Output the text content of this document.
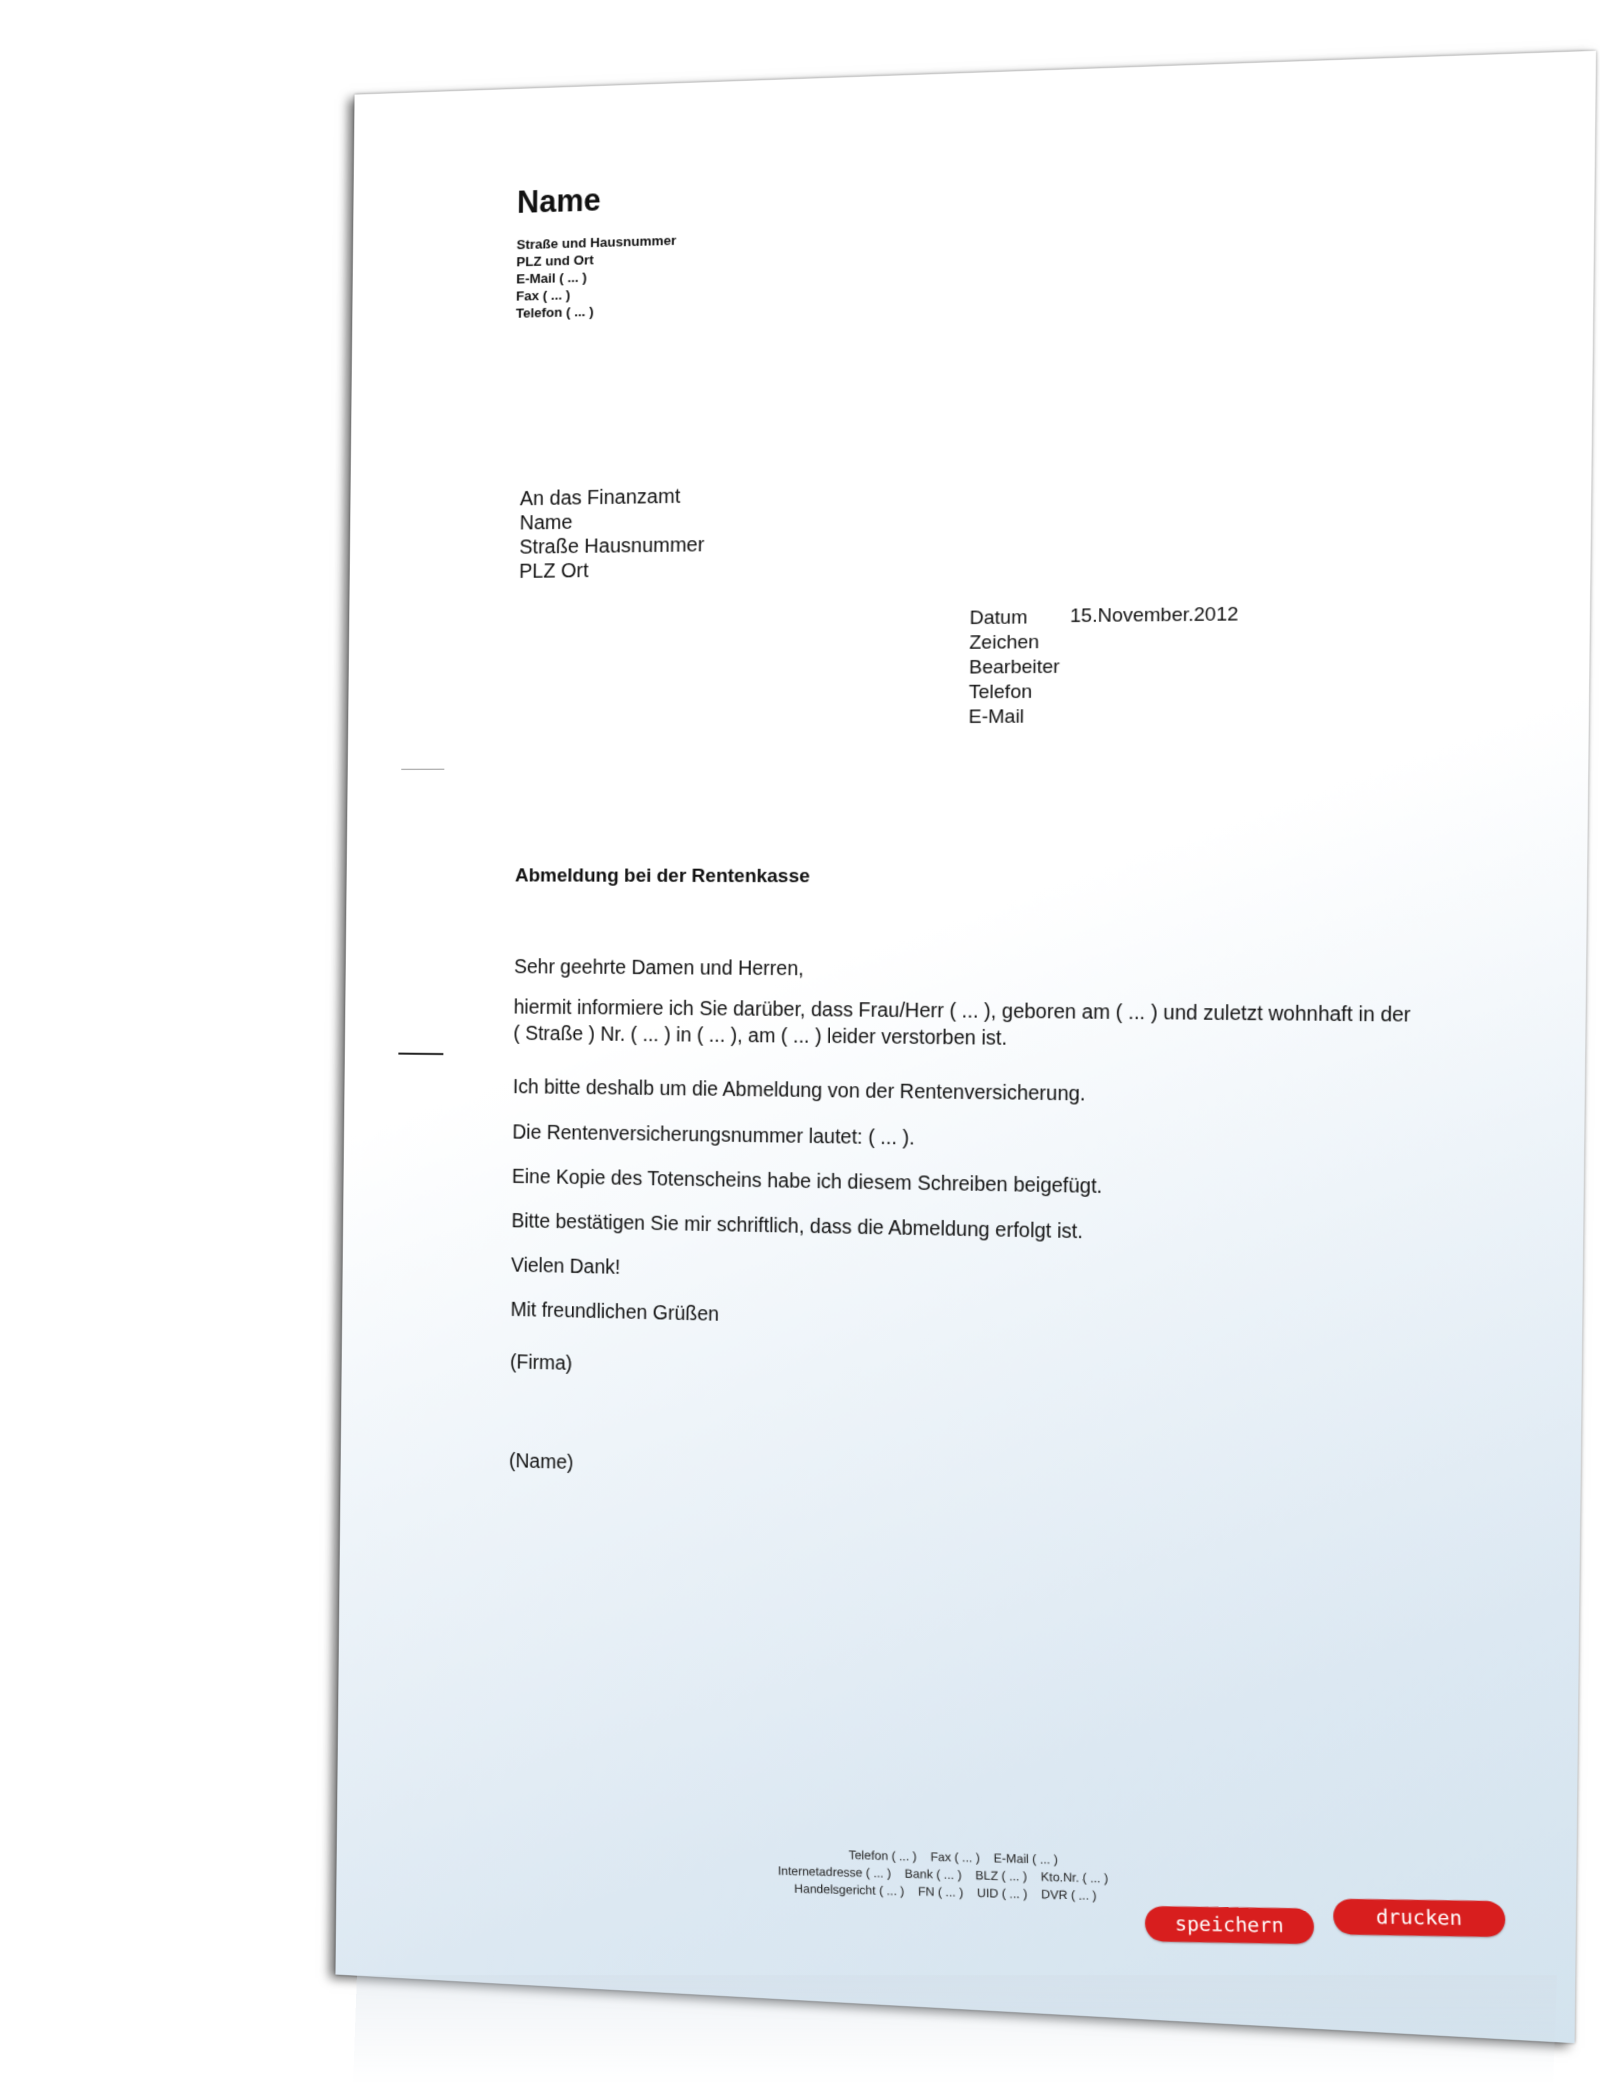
Name
Straße und Hausnummer
PLZ und Ort
E-Mail ( ... )
Fax ( ... )
Telefon ( ... )
An das Finanzamt
Name
Straße Hausnummer
PLZ Ort
Datum
Zeichen
Bearbeiter
Telefon
E-Mail
15.November.2012
Abmeldung bei der Rentenkasse
Sehr geehrte Damen und Herren,
hiermit informiere ich Sie darüber, dass Frau/Herr ( ... ), geboren am ( ... ) und zuletzt wohnhaft in der
( Straße ) Nr. ( ... ) in ( ... ), am ( ... ) leider verstorben ist.
Ich bitte deshalb um die Abmeldung von der Rentenversicherung.
Die Rentenversicherungsnummer lautet: ( ... ).
Eine Kopie des Totenscheins habe ich diesem Schreiben beigefügt.
Bitte bestätigen Sie mir schriftlich, dass die Abmeldung erfolgt ist.
Vielen Dank!
Mit freundlichen Grüßen
(Firma)
(Name)
Telefon ( ... ) Fax ( ... ) E-Mail ( ... )
Internetadresse ( ... ) Bank ( ... ) BLZ ( ... ) Kto.Nr. ( ... )
Handelsgericht ( ... ) FN ( ... ) UID ( ... ) DVR ( ... )
speichern	drucken
